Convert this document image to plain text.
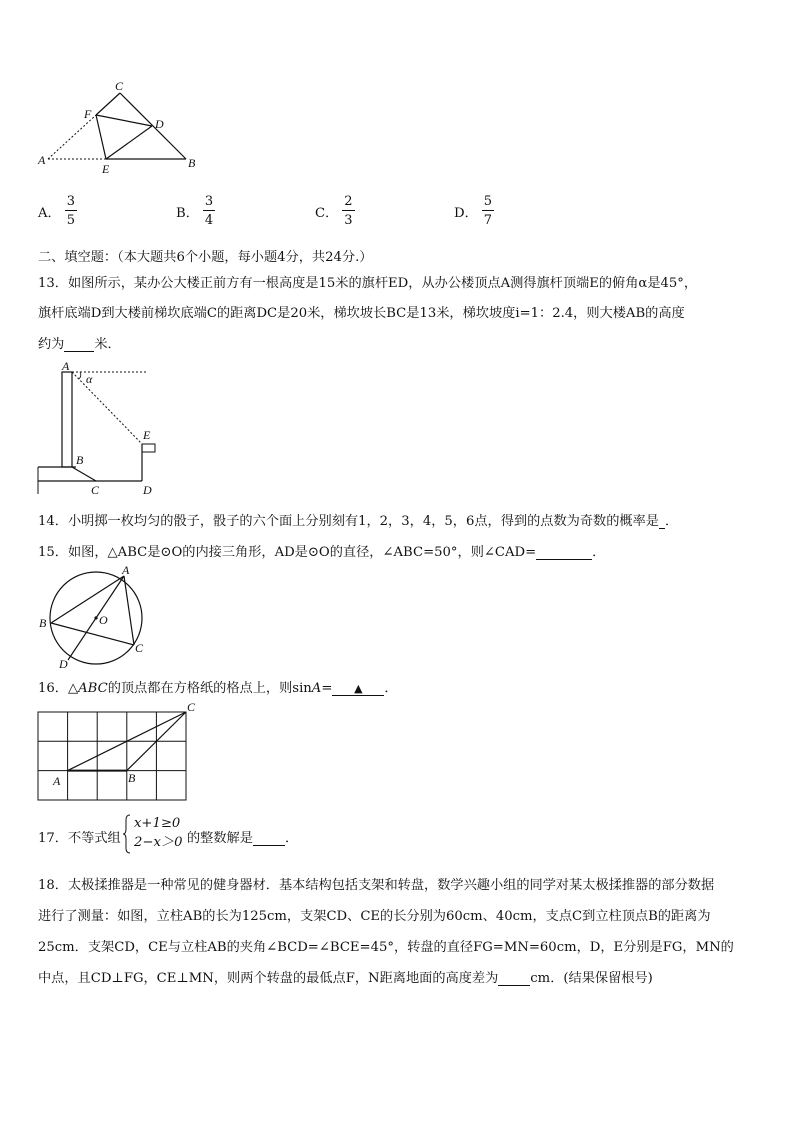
A	B
C
D
E
F
A． $\frac{3}{5}$	B． $\frac{3}{4}$	C． $\frac{2}{3}$	D． $\frac{5}{7}$
二、填空题：（本大题共6个小题，每小题4分，共24分.）
13．如图所示，某办公大楼正前方有一根高度是15米的旗杆ED，从办公楼顶点A测得旗杆顶端E的俯角α是45°，
旗杆底端D到大楼前梯坎底端C的距离DC是20米，梯坎坡长BC是13米，梯坎坡度i=1：2.4，则大楼AB的高度
约为 米．
A
α
E
B
C	D
14．小明掷一枚均匀的骰子，骰子的六个面上分别刻有1，2，3，4，5，6点，得到的点数为奇数的概率是 ．
15．如图，△ABC是⊙O的内接三角形，AD是⊙O的直径，∠ABC=50°，则∠CAD=	．
A
B
C
D
O
16．△ABC的顶点都在方格纸的格点上，则sinA= ▲ ．
A	B
C
17．不等式组
x+1≥0
2−x＞0 的整数解是 ．
18．太极揉推器是一种常见的健身器材．基本结构包括支架和转盘，数学兴趣小组的同学对某太极揉推器的部分数据
进行了测量：如图，立柱AB的长为125cm，支架CD、CE的长分别为60cm、40cm，支点C到立柱顶点B的距离为
25cm．支架CD，CE与立柱AB的夹角∠BCD=∠BCE=45°，转盘的直径FG=MN=60cm，D，E分别是FG，MN的
中点，且CD⊥FG，CE⊥MN，则两个转盘的最低点F，N距离地面的高度差为 cm．(结果保留根号)
